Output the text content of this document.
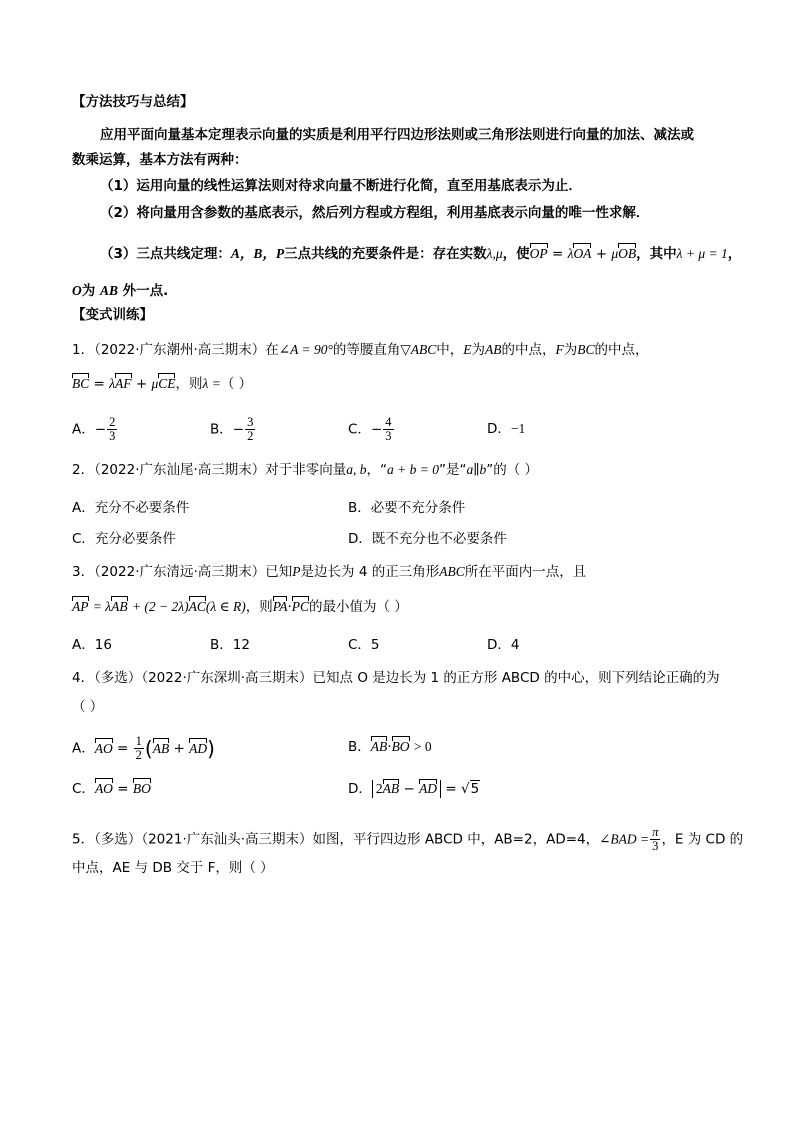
【方法技巧与总结】
应用平面向量基本定理表示向量的实质是利用平行四边形法则或三角形法则进行向量的加法、减法或
数乘运算，基本方法有两种：
（1）运用向量的线性运算法则对待求向量不断进行化简，直至用基底表示为止．
（2）将向量用含参数的基底表示，然后列方程或方程组，利用基底表示向量的唯一性求解．
（3）三点共线定理：A，B，P三点共线的充要条件是：存在实数λ,μ，使OP = λOA + μOB，其中λ + μ = 1，
O为 AB 外一点.
【变式训练】
1．（2022·广东潮州·高三期末）在∠A = 90°的等腰直角▽ABC中，E为AB的中点，F为BC的中点，
BC = λAF + μCE，则λ =（ ）
A．− $\frac{2}{3}$	B．− $\frac{3}{2}$	C．− $\frac{4}{3}$	D．−1
2．（2022·广东汕尾·高三期末）对于非零向量a, b，“a + b = 0”是“a∥b”的（ ）
A．充分不必要条件	B．必要不充分条件
C．充分必要条件	D．既不充分也不必要条件
3．（2022·广东清远·高三期末）已知P是边长为 4 的正三角形ABC所在平面内一点，且
AP = λAB + (2 − 2λ)AC(λ ∈ R)，则PA·PC的最小值为（ ）
A．16	B．12	C．5	D．4
4．（多选）（2022·广东深圳·高三期末）已知点 O 是边长为 1 的正方形 ABCD 的中心，则下列结论正确的为
（ ）
A．AO = $\frac{1}{2} (AB + AD)$	B．AB·BO > 0
C．AO = BO	D． 2AB − AD = √5
5．（多选）（2021·广东汕头·高三期末）如图，平行四边形 ABCD 中，AB=2，AD=4，∠BAD = $\frac{\pi}{3}$ ，E 为 CD 的
中点，AE 与 DB 交于 F，则（ ）
